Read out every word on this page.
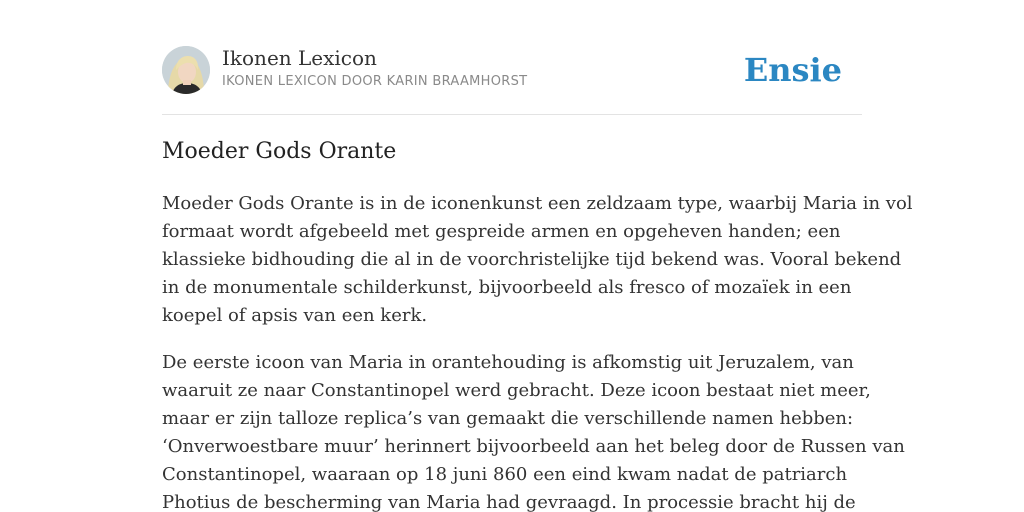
Ikonen Lexicon
IKONEN LEXICON DOOR KARIN BRAAMHORST	Ensie
Moeder Gods Orante

Moeder Gods Orante is in de iconenkunst een zeldzaam type, waarbij Maria in vol
formaat wordt afgebeeld met gespreide armen en opgeheven handen; een
klassieke bidhouding die al in de voorchristelijke tijd bekend was. Vooral bekend
in de monumentale schilderkunst, bijvoorbeeld als fresco of mozaïek in een
koepel of apsis van een kerk.

De eerste icoon van Maria in orantehouding is afkomstig uit Jeruzalem, van
waaruit ze naar Constantinopel werd gebracht. Deze icoon bestaat niet meer,
maar er zijn talloze replica’s van gemaakt die verschillende namen hebben:
‘Onverwoestbare muur’ herinnert bijvoorbeeld aan het beleg door de Russen van
Constantinopel, waaraan op 18 juni 860 een eind kwam nadat de patriarch
Photius de bescherming van Maria had gevraagd. In processie bracht hij de
